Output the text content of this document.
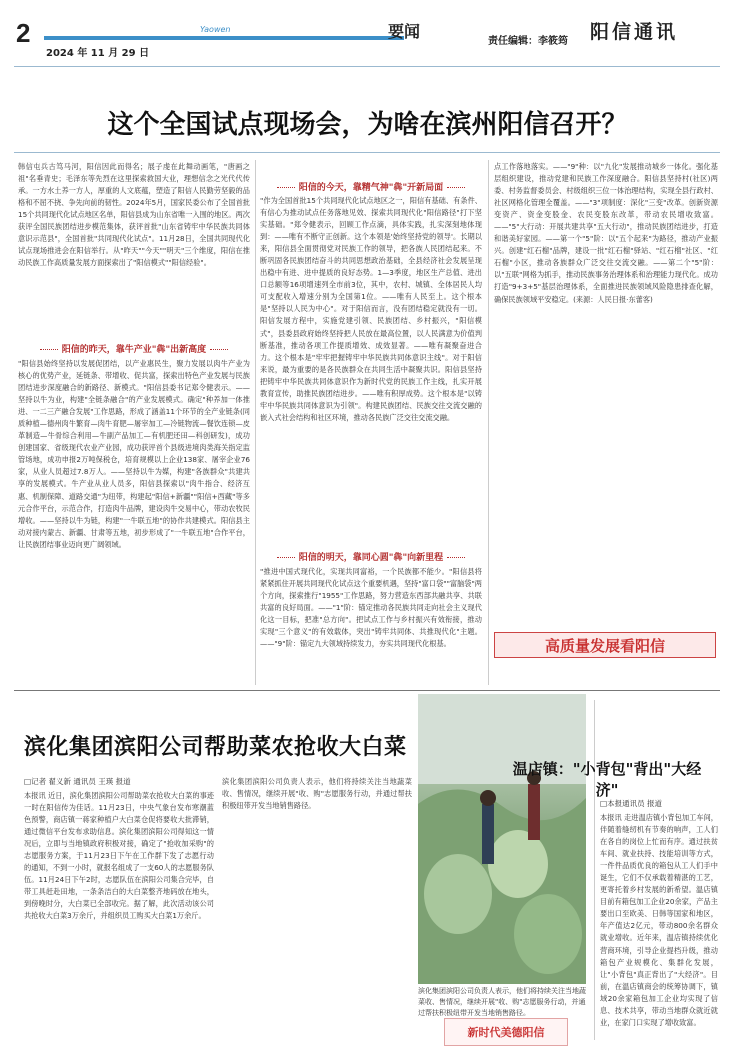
2	Yaowen
2024 年 11 月 29 日
要闻
责任编辑：李筱筠 阳信通讯
这个全国试点现场会，为啥在滨州阳信召开？
韩信屯兵古笃马河，阳信因此而得名；展子虔在此舞动画笔，"唐画之祖"名垂青史；毛泽东等先烈在这里探索救国大业，理想信念之光代代传承。一方水土养一方人，厚重的人文底蕴，塑造了阳信人民勤劳坚毅的品格和不屈不挠、争先向前的韧性。2024年5月，国家民委公布了全国首批15个共同现代化试点地区名单，阳信县成为山东省唯一入围的地区。两次获评全国民族团结进步模范集体，获评首批"山东省铸牢中华民族共同体意识示范县"，全国首批"共同现代化试点"。11月28日，全国共同现代化试点现场推进会在阳信举行。从"昨天""今天""明天"三个维度，阳信在推动民族工作高质量发展方面探索出了"阳信模式""阳信经验"。
阳信的昨天，靠牛产业"犇"出新高度
"阳信县始终坚持以发展促团结，以产业惠民生，聚力发展以肉牛产业为核心的优势产业，延链条、带增收、促共富，探索出特色产业发展与民族团结进步深度融合的新路径、新模式。"阳信县委书记郑令健表示。——坚持以牛为业，构建"全链条融合"的产业发展模式。确定"种养加一体推进、一二三产融合发展"工作思路，形成了涵盖11个环节的全产业链条(同质种植—德州肉牛繁育—肉牛育肥—屠宰加工—冷链物流—餐饮连锁—皮革制造—牛骨综合利用—牛副产品加工—有机肥还田—科创研发)，成功创建国家、省级现代农业产业园，成功获评首个县级进境肉类海关指定监管场地，成功申报2万吨保税仓，培育规模以上企业138家、屠宰企业76家，从业人员超过7.8万人。——坚持以牛为媒，构建"各族群众"共建共享的发展模式。牛产业从业人员多，阳信县探索以"肉牛指合、经济互惠、机制保障、道路交通"为纽带，构建起"阳信+新疆""阳信+西藏"等多元合作平台，示范合作，打造肉牛品牌，建设肉牛交易中心，带动农牧民增收。——坚持以牛为链，构建"一牛联五地"的协作共建模式。阳信县主动对接内蒙古、新疆、甘肃等五地，初步形成了"一牛联五地"合作平台，让民族团结事业迈向更广阔领域。
阳信的今天，靠精气神"犇"开新局面
"作为全国首批15个共同现代化试点地区之一，阳信有基础、有条件、有信心为推动试点任务落地见效、探索共同现代化"阳信路径"打下坚实基础。"郑令健表示，回顾工作点滴，具体实践，扎实深刻地体现到：——唯有不断守正创新。这个本领是'始终坚持党的领导'。长期以来，阳信县全面贯彻党对民族工作的领导，把各族人民团结起来。不断巩固各民族团结奋斗的共同思想政治基础，全县经济社会发展呈现出稳中有进、进中提质的良好态势。1—3季度，地区生产总值、进出口总额等16项增速列全市前3位，其中，农村、城镇、全体居民人均可支配收入增速分别为全国第1位。——唯有人民至上。这个根本是"坚持以人民为中心"。对于阳信而言，没有团结稳定就没有一切。阳信发展方程中，实施党建引领、民族团结、乡村振兴，"阳信模式"，县委县政府始终坚持把人民放在最高位置，以人民满意为价值判断基准，推动各项工作提质增效、成效显著。——唯有凝聚奋进合力。这个根本是"牢牢把握铸牢中华民族共同体意识主线"。对于阳信来说，最为重要的是各民族群众在共同生活中凝聚共识。阳信县坚持把铸牢中华民族共同体意识作为新时代党的民族工作主线，扎实开展教育宣传，助推民族团结进步。——唯有积厚成势。这个根本是"以铸牢中华民族共同体意识为引领"。构建民族团结、民族交往交流交融的嵌入式社会结构和社区环境，推动各民族广泛交往交流交融。
阳信的明天，靠同心圆"犇"向新里程
"推进中国式现代化，实现共同富裕，一个民族都不能少。"阳信县将紧紧抓住开展共同现代化试点这个重要机遇，坚持"富口袋""富脑袋"两个方向，探索推行"1955"工作思路，努力营造东西部共融共享、共联共富的良好局面。——"1"阶：锚定推动各民族共同走向社会主义现代化这一目标，把准"总方向"。把试点工作与乡村振兴有效衔接，推动实现"三个意义"的有效载体，突出"铸牢共同体、共推现代化"主题。——"9"阶：锚定九大领域持续发力，夯实共同现代化根基。
点工作落地落实。——"9"种：以"九化"发展推动城乡一体化。强化基层组织建设，推动党建和民族工作深度融合。阳信县坚持村(社区)两委、村务监督委员会、村级组织三位一体治理结构，实现全县行政村、社区网格化管理全覆盖。——"3"项制度：深化"三变"改革。创新资源变资产、资金变股金、农民变股东改革，带动农民增收致富。——"5"大行动：开展共建共享"五大行动"，推动民族团结进步，打造和谐美好家园。——第一个"5"阶：以"五个起来"为路径，推动产业振兴。创建"红石榴"品牌，建设一批"红石榴"驿站、"红石榴"社区、"红石榴"小区，推动各族群众广泛交往交流交融。——第二个"5"阶：以"五联"网格为抓手，推动民族事务治理体系和治理能力现代化。成功打造"9+3+5"基层治理体系，全面推进民族领域风险隐患排查化解，确保民族领域平安稳定。(来源：人民日报·东蕾客)
高质量发展看阳信
滨化集团滨阳公司帮助菜农抢收大白菜
□记者 翟义新 通讯员 王瑛 报道
本报讯 近日，滨化集团滨阳公司帮助菜农抢收大白菜的事迹一时在阳信传为佳话。11月23日，中央气象台发布寒潮蓝色预警，商店镇一蒋家种植户大白菜仓促将要收大批滞销，通过微信平台发布求助信息。滨化集团滨阳公司得知这一情况后，立即与当地镇政府积极对接，确定了"抢收加采购"的志愿服务方案，于11月23日下午在工作群下发了志愿行动的通知，不到一小时，就报名组成了一支60人的志愿服务队伍。11月24日下午2时，志愿队伍在滨阳公司集合完毕，自带工具赶赴田地，一条条洁白的大白菜整齐地码放在地头，到傍晚时分，大白菜已全部收完。据了解，此次活动该公司共抢收大白菜3万余斤，并组织员工购买大白菜1万余斤。
滨化集团滨阳公司负责人表示，他们将持续关注当地蔬菜收、售情况，继续开展"收、购"志愿服务行动，并通过帮扶积极纽带开发当地销售路径。
滨化集团滨阳公司负责人表示，他们将持续关注当地蔬菜收、售情况，继续开展"收、购"志愿服务行动，并通过帮扶积极纽带开发当地销售路径。
新时代美德阳信
温店镇："小背包"背出"大经济"
□本报通讯员 报道
本报讯 走进温店镇小背包加工车间，伴随着缝纫机有节奏的响声，工人们在各自的岗位上忙而有序。通过扶贫车间、就业扶持、技能培训等方式，一件件品质优良的箱包从工人们手中诞生，它们不仅承载着精湛的工艺，更寄托着乡村发展的新希望。温店镇目前有箱包加工企业20余家，产品主要出口至欧美、日韩等国家和地区，年产值达2亿元，带动800余名群众就业增收。近年来，温店镇持续优化营商环境，引导企业提档升级，推动箱包产业规模化、集群化发展，让"小背包"真正背出了"大经济"。目前，在温店镇商会的统筹协调下，镇域20余家箱包加工企业均实现了信息、技术共享，带动当地群众就近就业，在家门口实现了增收致富。
